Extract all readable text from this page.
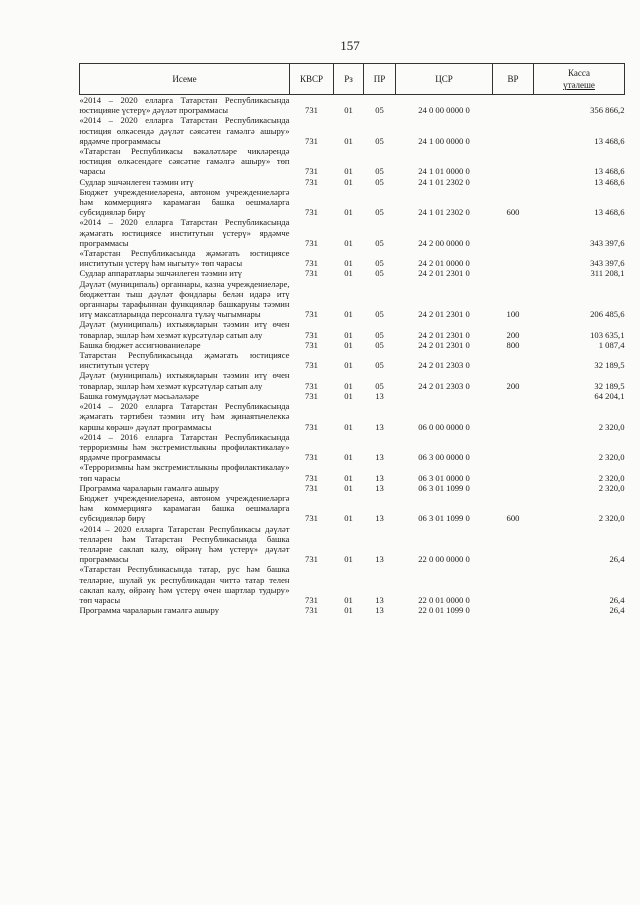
157
Исеме	КВСР	Рз	ПР	ЦСР	ВР	Касса
үтәлеше

«2014 – 2020 елларга Татарстан Республикасында юстицияне үстерү» дәүләт программасы	731	01	05	24 0 00 0000 0		356 866,2
«2014 – 2020 елларга Татарстан Республикасында юстиция өлкәсендә дәүләт сәясәтен гамәлгә ашыру» ярдәмче программасы	731	01	05	24 1 00 0000 0		13 468,6
«Татарстан Республикасы вәкаләтләре чикләрендә юстиция өлкәсендәге сәясәтне гамәлгә ашыру» төп чарасы	731	01	05	24 1 01 0000 0		13 468,6
Судлар эшчәнлеген тәэмин итү	731	01	05	24 1 01 2302 0		13 468,6
Бюджет учреждениеләренә, автоном учреждениеләргә һәм коммерциягә карамаган башка оешмаларга субсидияләр бирү	731	01	05	24 1 01 2302 0	600	13 468,6
«2014 – 2020 елларга Татарстан Республикасында җәмәгать юстициясе институтын үстерү» ярдәмче программасы	731	01	05	24 2 00 0000 0		343 397,6
«Татарстан Республикасында җәмәгать юстициясе институтын үстерү һәм ныгыту» төп чарасы	731	01	05	24 2 01 0000 0		343 397,6
Судлар аппаратлары эшчәнлеген тәэмин итү	731	01	05	24 2 01 2301 0		311 208,1
Дәүләт (муниципаль) органнары, казна учреждениеләре, бюджеттан тыш дәүләт фондлары белән идарә итү органнары тарафыннан функцияләр башкаруны тәэмин итү максатларында персоналга түләү чыгымнары	731	01	05	24 2 01 2301 0	100	206 485,6
Дәүләт (муниципаль) ихтыяҗларын тәэмин итү өчен товарлар, эшләр һәм хезмәт күрсәтүләр сатып алу	731	01	05	24 2 01 2301 0	200	103 635,1
Башка бюджет ассигнованиеләре	731	01	05	24 2 01 2301 0	800	1 087,4
Татарстан Республикасында җәмәгать юстициясе институтын үстерү	731	01	05	24 2 01 2303 0		32 189,5
Дәүләт (муниципаль) ихтыяҗларын тәэмин итү өчен товарлар, эшләр һәм хезмәт күрсәтүләр сатып алу	731	01	05	24 2 01 2303 0	200	32 189,5
Башка гомумдәүләт мәсьәләләре	731	01	13			64 204,1
«2014 – 2020 елларга Татарстан Республикасында җәмәгать тәртибен тәэмин итү һәм җинаятьчелеккә каршы көрәш» дәүләт программасы	731	01	13	06 0 00 0000 0		2 320,0
«2014 – 2016 елларга Татарстан Республикасында терроризмны һәм экстремистлыкны профилактикалау» ярдәмче программасы	731	01	13	06 3 00 0000 0		2 320,0
«Терроризмны һәм экстремистлыкны профилактикалау» төп чарасы	731	01	13	06 3 01 0000 0		2 320,0
Программа чараларын гамәлгә ашыру	731	01	13	06 3 01 1099 0		2 320,0
Бюджет учреждениеләренә, автоном учреждениеләргә һәм коммерциягә карамаган башка оешмаларга субсидияләр бирү	731	01	13	06 3 01 1099 0	600	2 320,0
«2014 – 2020 елларга Татарстан Республикасы дәүләт телләрен һәм Татарстан Республикасында башка телләрне саклап калу, өйрәнү һәм үстерү» дәүләт программасы	731	01	13	22 0 00 0000 0		26,4
«Татарстан Республикасында татар, рус һәм башка телләрне, шулай ук республикадан читтә татар телен саклап калу, өйрәнү һәм үстерү өчен шартлар тудыру» төп чарасы	731	01	13	22 0 01 0000 0		26,4
Программа чараларын гамәлгә ашыру	731	01	13	22 0 01 1099 0		26,4
